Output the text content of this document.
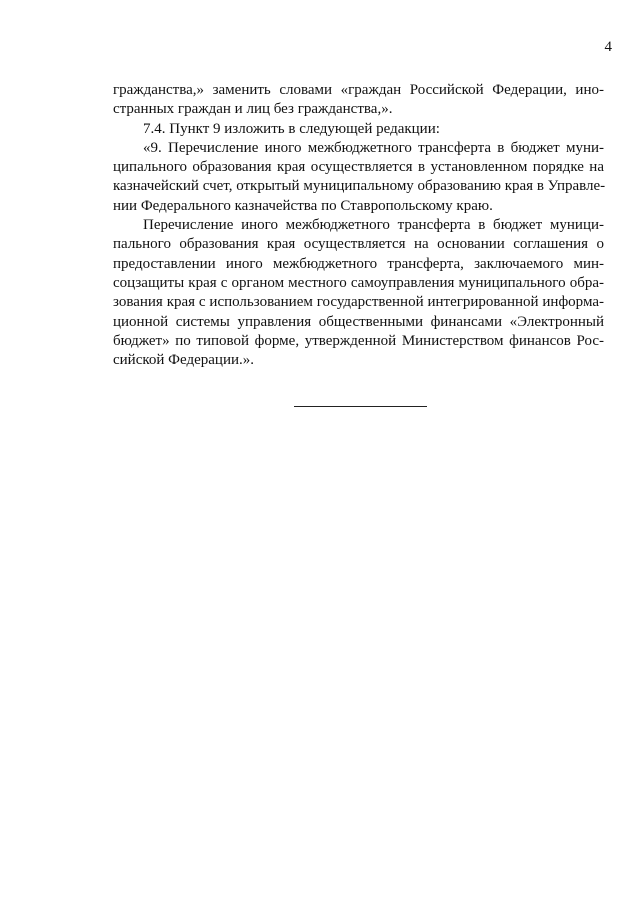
4
гражданства,» заменить словами «граждан Российской Федерации, ино-
странных граждан и лиц без гражданства,».
7.4. Пункт 9 изложить в следующей редакции:
«9. Перечисление иного межбюджетного трансферта в бюджет муни-
ципального образования края осуществляется в установленном порядке на
казначейский счет, открытый муниципальному образованию края в Управле-
нии Федерального казначейства по Ставропольскому краю.
Перечисление иного межбюджетного трансферта в бюджет муници-
пального образования края осуществляется на основании соглашения о
предоставлении иного межбюджетного трансферта, заключаемого мин-
соцзащиты края с органом местного самоуправления муниципального обра-
зования края с использованием государственной интегрированной информа-
ционной системы управления общественными финансами «Электронный
бюджет» по типовой форме, утвержденной Министерством финансов Рос-
сийской Федерации.».
